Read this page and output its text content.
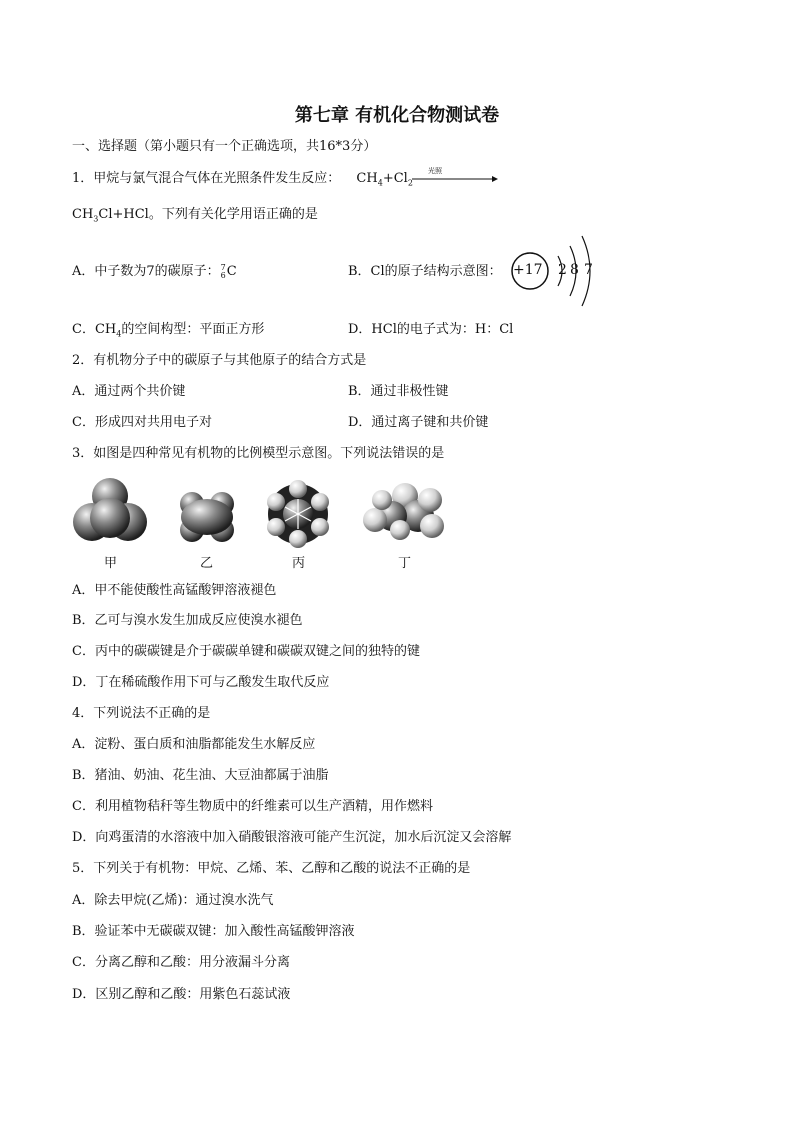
第七章 有机化合物测试卷
一、选择题（第小题只有一个正确选项，共16*3分）
1．甲烷与氯气混合气体在光照条件发生反应： $CH_4+Cl_2$
光照
$CH_3Cl+HCl$。下列有关化学用语正确的是
A．中子数为7的碳原子：7
6C	B．Cl的原子结构示意图： +17 2 8 7
C．$CH_4$的空间构型：平面正方形	D．HCl的电子式为：H：Cl
2．有机物分子中的碳原子与其他原子的结合方式是
A．通过两个共价键	B．通过非极性键
C．形成四对共用电子对	D．通过离子键和共价键
3．如图是四种常见有机物的比例模型示意图。下列说法错误的是
甲	乙	丙	丁
A．甲不能使酸性高锰酸钾溶液褪色
B．乙可与溴水发生加成反应使溴水褪色
C．丙中的碳碳键是介于碳碳单键和碳碳双键之间的独特的键
D．丁在稀硫酸作用下可与乙酸发生取代反应
4．下列说法不正确的是
A．淀粉、蛋白质和油脂都能发生水解反应
B．猪油、奶油、花生油、大豆油都属于油脂
C．利用植物秸秆等生物质中的纤维素可以生产酒精，用作燃料
D．向鸡蛋清的水溶液中加入硝酸银溶液可能产生沉淀，加水后沉淀又会溶解
5．下列关于有机物：甲烷、乙烯、苯、乙醇和乙酸的说法不正确的是
A．除去甲烷(乙烯)：通过溴水洗气
B．验证苯中无碳碳双键：加入酸性高锰酸钾溶液
C．分离乙醇和乙酸：用分液漏斗分离
D．区别乙醇和乙酸：用紫色石蕊试液
